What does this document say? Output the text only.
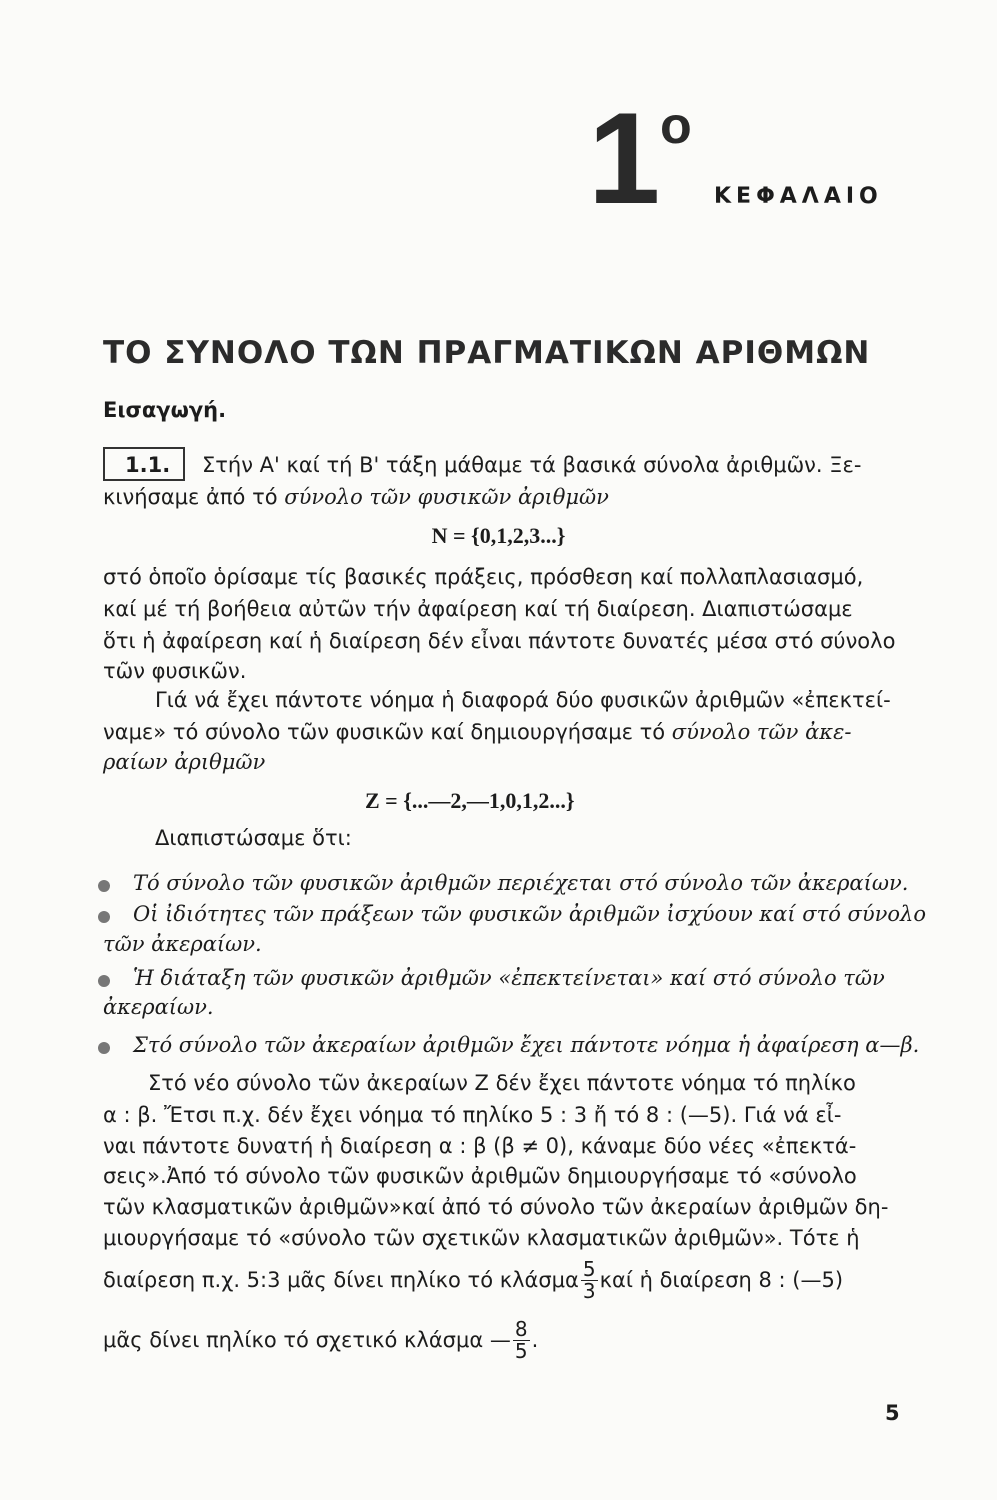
1 ο
ΚΕΦΑΛΑΙΟ
ΤΟ ΣΥΝΟΛΟ ΤΩΝ ΠΡΑΓΜΑΤΙΚΩΝ ΑΡΙΘΜΩΝ
Εισαγωγή.
1.1. Στήν Α' καί τή Β' τάξη μάθαμε τά βασικά σύνολα ἀριθμῶν. Ξε-
κινήσαμε ἀπό τό σύνολο τῶν φυσικῶν ἀριθμῶν
N = {0,1,2,3...}
στό ὁποῖο ὁρίσαμε τίς βασικές πράξεις, πρόσθεση καί πολλαπλασιασμό,
καί μέ τή βοήθεια αὐτῶν τήν ἀφαίρεση καί τή διαίρεση. Διαπιστώσαμε
ὅτι ἡ ἀφαίρεση καί ἡ διαίρεση δέν εἶναι πάντοτε δυνατές μέσα στό σύνολο
τῶν φυσικῶν.
Γιά νά ἔχει πάντοτε νόημα ἡ διαφορά δύο φυσικῶν ἀριθμῶν «ἐπεκτεί-
ναμε» τό σύνολο τῶν φυσικῶν καί δημιουργήσαμε τό σύνολο τῶν ἀκε-
ραίων ἀριθμῶν
Z = {...—2,—1,0,1,2...}
Διαπιστώσαμε ὅτι:
Τό σύνολο τῶν φυσικῶν ἀριθμῶν περιέχεται στό σύνολο τῶν ἀκεραίων.
Οἱ ἰδιότητες τῶν πράξεων τῶν φυσικῶν ἀριθμῶν ἰσχύουν καί στό σύνολο
τῶν ἀκεραίων.
Ἡ διάταξη τῶν φυσικῶν ἀριθμῶν «ἐπεκτείνεται» καί στό σύνολο τῶν
ἀκεραίων.
Στό σύνολο τῶν ἀκεραίων ἀριθμῶν ἔχει πάντοτε νόημα ἡ ἀφαίρεση α—β.
Στό νέο σύνολο τῶν ἀκεραίων Z δέν ἔχει πάντοτε νόημα τό πηλίκο
α : β. Ἔτσι π.χ. δέν ἔχει νόημα τό πηλίκο 5 : 3 ἤ τό 8 : (—5). Γιά νά εἶ-
ναι πάντοτε δυνατή ἡ διαίρεση α : β (β ≠ 0), κάναμε δύο νέες «ἐπεκτά-
σεις».Ἀπό τό σύνολο τῶν φυσικῶν ἀριθμῶν δημιουργήσαμε τό «σύνολο
τῶν κλασματικῶν ἀριθμῶν»καί ἀπό τό σύνολο τῶν ἀκεραίων ἀριθμῶν δη-
μιουργήσαμε τό «σύνολο τῶν σχετικῶν κλασματικῶν ἀριθμῶν». Τότε ἡ
διαίρεση π.χ. 5:3 μᾶς δίνει πηλίκο τό κλάσμα $\frac{5}{3}$ καί ἡ διαίρεση 8 : (—5)
μᾶς δίνει πηλίκο τό σχετικό κλάσμα — $\frac{8}{5}$ .
5
